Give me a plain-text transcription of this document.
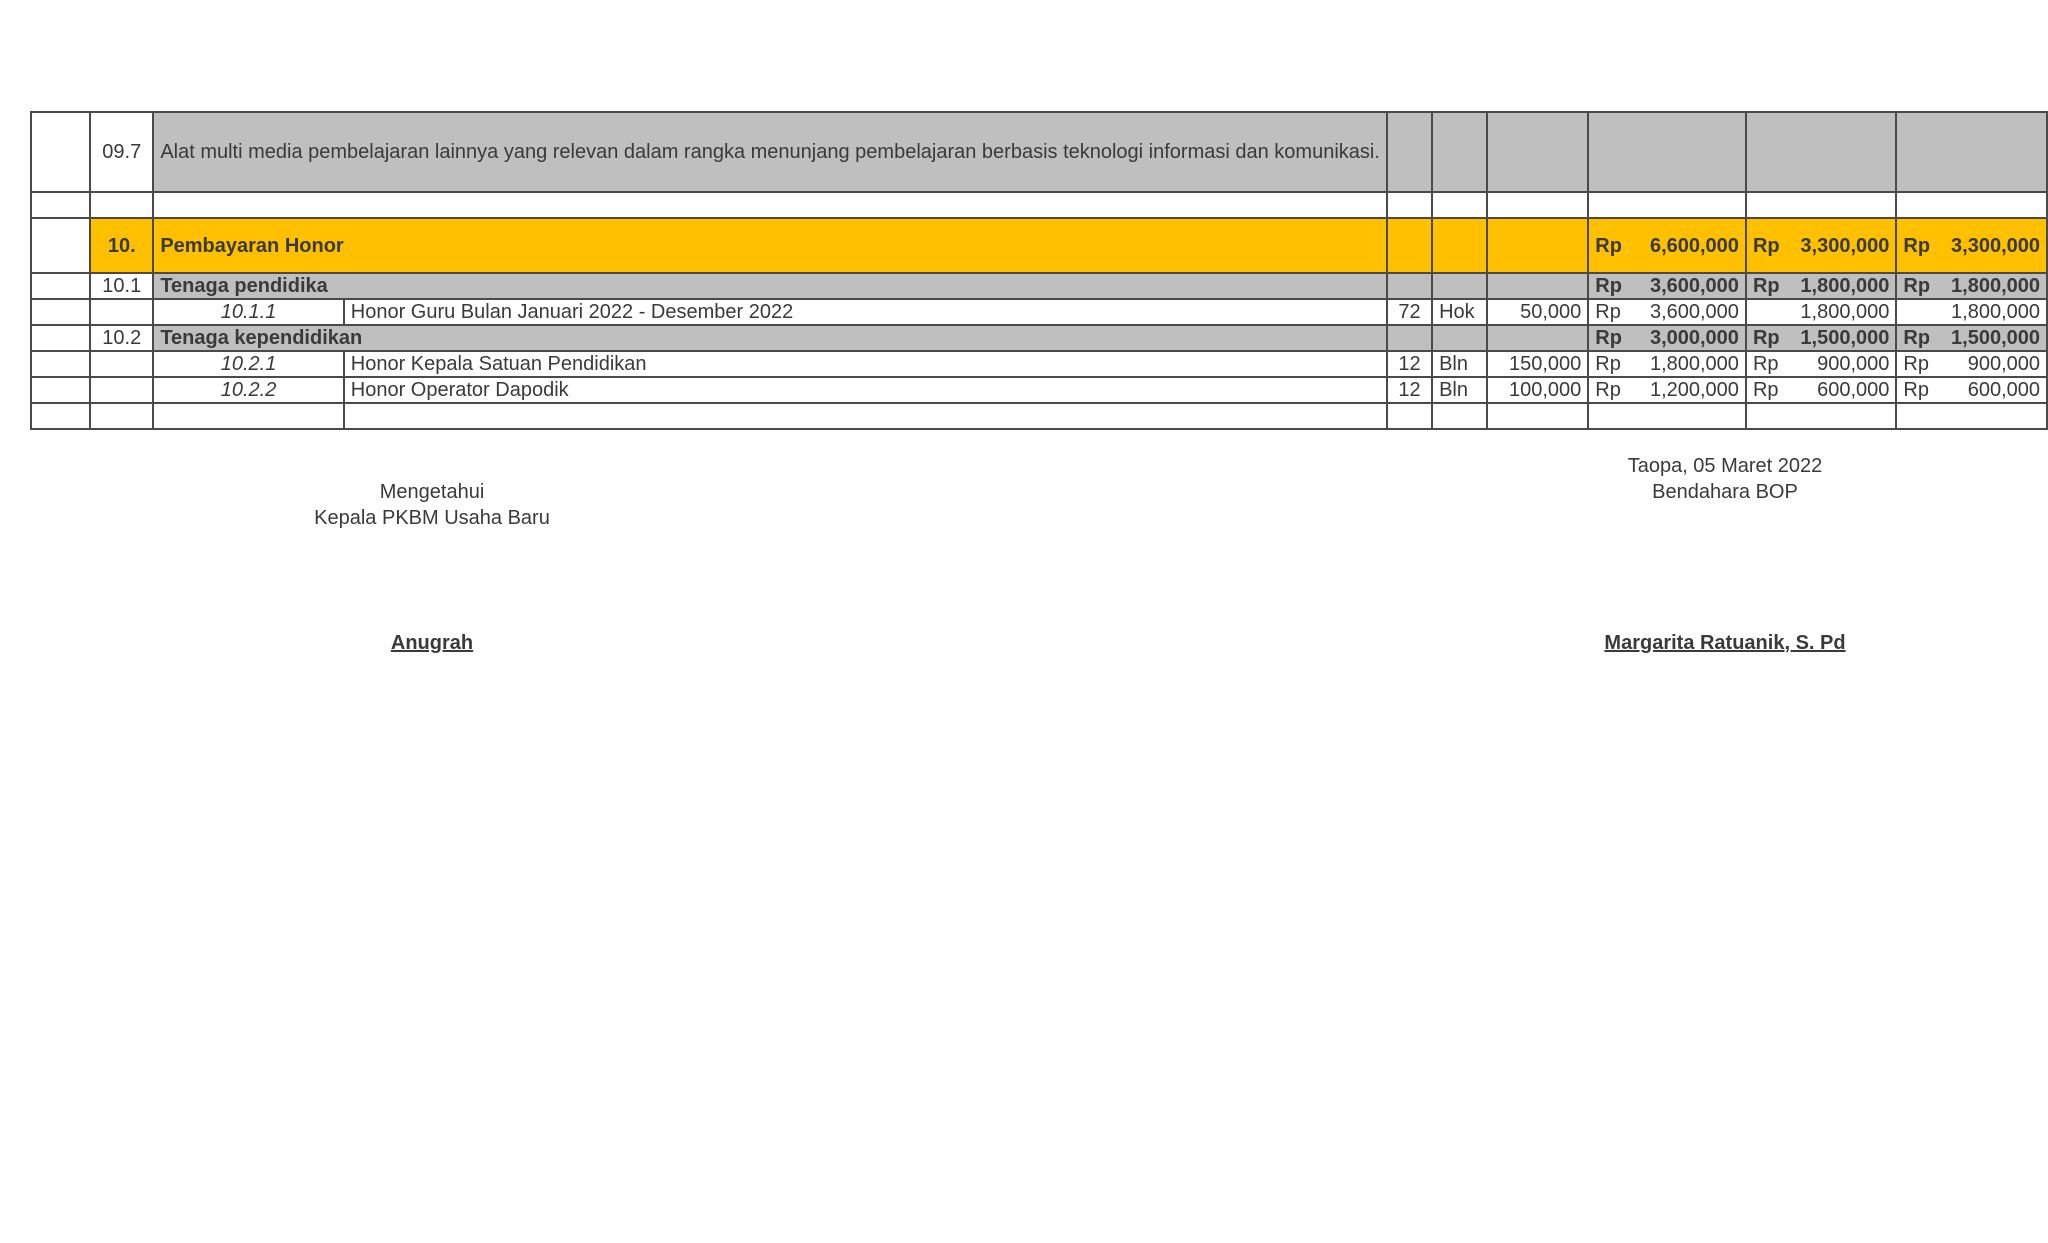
	09.7	Alat multi media pembelajaran lainnya yang relevan dalam rangka menunjang pembelajaran berbasis teknologi informasi dan komunikasi.										

	10.	Pembayaran Honor					Rp	6,600,000	Rp	3,300,000	Rp	3,300,000
	10.1	Tenaga pendidika					Rp	3,600,000	Rp	1,800,000	Rp	1,800,000
		10.1.1	Honor Guru Bulan Januari 2022 - Desember 2022	72	Hok	50,000	Rp	3,600,000		1,800,000		1,800,000
	10.2	Tenaga kependidikan					Rp	3,000,000	Rp	1,500,000	Rp	1,500,000
		10.2.1	Honor Kepala Satuan Pendidikan	12	Bln	150,000	Rp	1,800,000	Rp	900,000	Rp	900,000
		10.2.2	Honor Operator Dapodik	12	Bln	100,000	Rp	1,200,000	Rp	600,000	Rp	600,000

Mengetahui
Kepala PKBM Usaha Baru
Anugrah
Taopa, 05 Maret 2022
Bendahara BOP
Margarita Ratuanik, S. Pd
